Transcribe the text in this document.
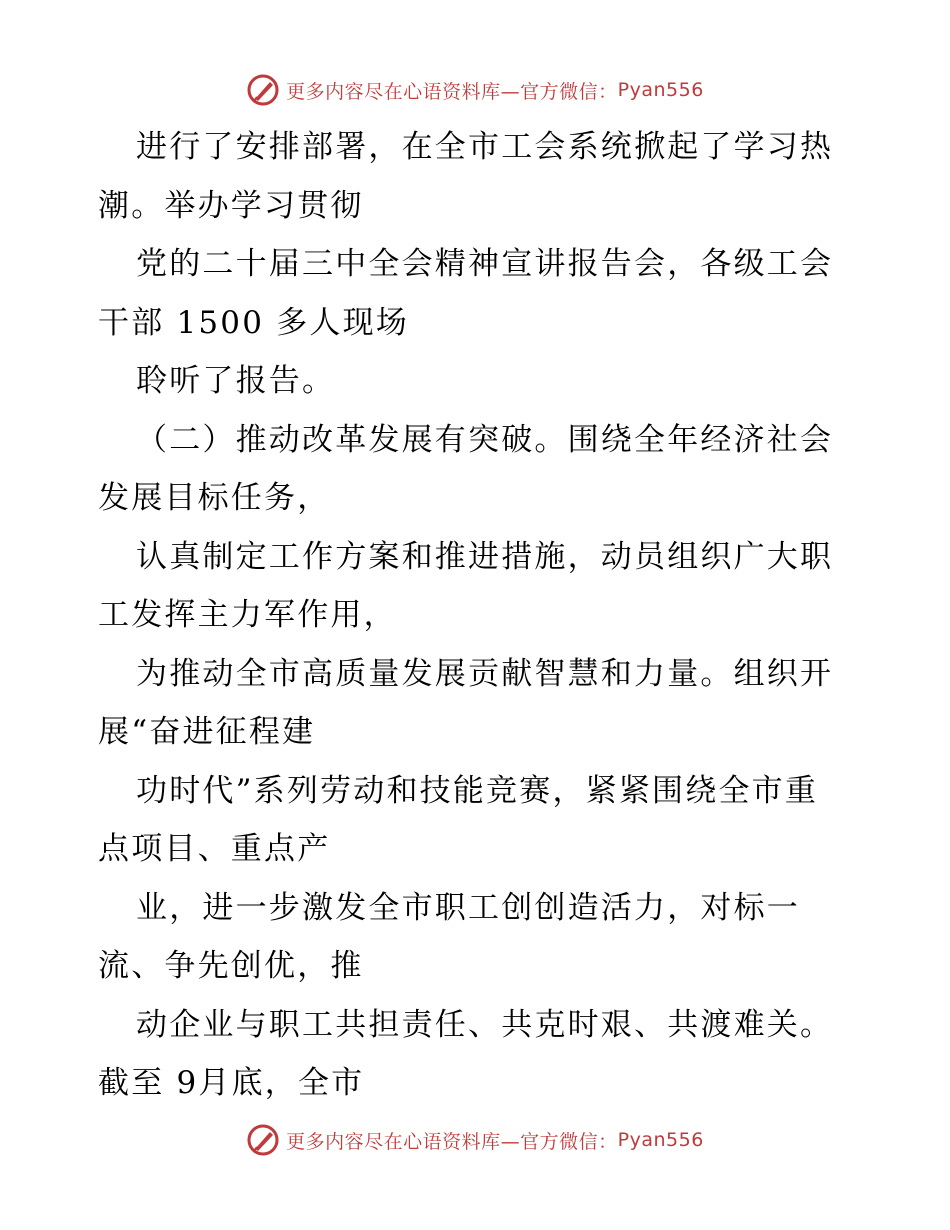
更多内容尽在心语资料库—官方微信： Pyan556
进行了安排部署，在全市工会系统掀起了学习热
潮。举办学习贯彻
党的二十届三中全会精神宣讲报告会，各级工会
干部 1500 多人现场
聆听了报告。
（二）推动改革发展有突破。围绕全年经济社会
发展目标任务，
认真制定工作方案和推进措施，动员组织广大职
工发挥主力军作用，
为推动全市高质量发展贡献智慧和力量。组织开
展“奋进征程建
功时代”系列劳动和技能竞赛，紧紧围绕全市重
点项目、重点产
业，进一步激发全市职工创创造活力，对标一
流、争先创优，推
动企业与职工共担责任、共克时艰、共渡难关。
截至 9月底，全市
更多内容尽在心语资料库—官方微信： Pyan556
